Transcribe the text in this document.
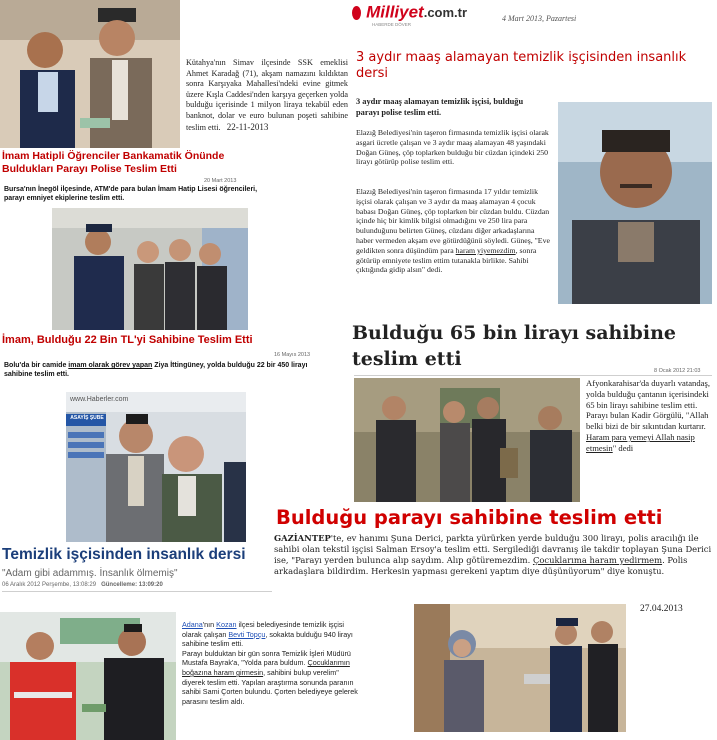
Kütahya'nın Simav ilçesinde SSK emeklisi Ahmet Karadağ (71), akşam namazını kıldıktan sonra Karşıyaka Mahallesi'ndeki evine gitmek üzere Kışla Caddesi'nden karşıya geçerken yolda bulduğu içerisinde 1 milyon liraya tekabül eden banknot, dolar ve euro bulunan poşeti sahibine teslim etti. 22-11-2013
İmam Hatipli Öğrenciler Bankamatik Önünde Buldukları Parayı Polise Teslim Etti
20 Mart 2013
Bursa'nın İnegöl ilçesinde, ATM'de para bulan İmam Hatip Lisesi öğrencileri, parayı emniyet ekiplerine teslim etti.
İmam, Bulduğu 22 Bin TL'yi Sahibine Teslim Etti
16 Mayıs 2013
Bolu'da bir camide imam olarak görev yapan Ziya İttingüney, yolda bulduğu 22 bir 450 lirayı sahibine teslim etti.
www.Haberler.com
ASAYİŞ ŞUBE
Temizlik işçisinden insanlık dersi
"Adam gibi adammış. İnsanlık ölmemiş"
06 Aralık 2012 Perşembe, 13:08:29 Güncelleme: 13:09:20
Adana'nın Kozan ilçesi belediyesinde temizlik işçisi olarak çalışan Bevti Topçu, sokakta bulduğu 940 lirayı sahibine teslim etti.
Parayı bulduktan bir gün sonra Temizlik İşleri Müdürü Mustafa Bayrak'a, "Yolda para buldum. Çocuklarımın boğazına haram girmesin, sahibini bulup verelim" diyerek teslim etti. Yapılan araştırma sonunda paranın sahibi Sami Çorten bulundu. Çorten belediyeye gelerek parasını teslim aldı.
Milliyet.com.tr
HABERDE DÖVER
4 Mart 2013, Pazartesi
3 aydır maaş alamayan temizlik işçisinden insanlık dersi
3 aydır maaş alamayan temizlik işçisi, bulduğu parayı polise teslim etti.
Elazığ Belediyesi'nin taşeron firmasında temizlik işçisi olarak asgari ücretle çalışan ve 3 aydır maaş alamayan 48 yaşındaki Doğan Güneş, çöp toplarken bulduğu bir cüzdan içindeki 250 lirayı götürüp polise teslim etti.
Elazığ Belediyesi'nin taşeron firmasında 17 yıldır temizlik işçisi olarak çalışan ve 3 aydır da maaş alamayan 4 çocuk babası Doğan Güneş, çöp toplarken bir cüzdan buldu. Cüzdan içinde hiç bir kimlik bilgisi olmadığını ve 250 lira para bulunduğunu belirten Güneş, cüzdanı diğer arkadaşlarına haber vermeden akşam eve götürdüğünü söyledi. Güneş, "Eve geldikten sonra düşündüm para haram yiyemezdim, sonra götürüp emniyete teslim ettim tutanakla birlikte. Sahibi çıktığında gidip alsın" dedi.
Bulduğu 65 bin lirayı sahibine teslim etti
8 Ocak 2012 21:03
Afyonkarahisar'da duyarlı vatandaş, yolda bulduğu çantanın içerisindeki 65 bin lirayı sahibine teslim etti. Parayı bulan Kadir Görgülü, "Allah belki bizi de bir sıkıntıdan kurtarır. Haram para yemeyi Allah nasip etmesin" dedi
Bulduğu parayı sahibine teslim etti
GAZİANTEP'te, ev hanımı Şuna Derici, parkta yürürken yerde bulduğu 300 lirayı, polis aracılığı ile sahibi olan tekstil işçisi Salman Ersoy'a teslim etti. Sergilediği davranış ile takdir toplayan Şuna Derici ise, "Parayı yerden bulunca alıp saydım. Alıp götüremezdim. Çocuklarıma haram yedirmem. Polis arkadaşlara bildirdim. Herkesin yapması gerekeni yaptım diye düşünüyorum" diye konuştu.
27.04.2013
